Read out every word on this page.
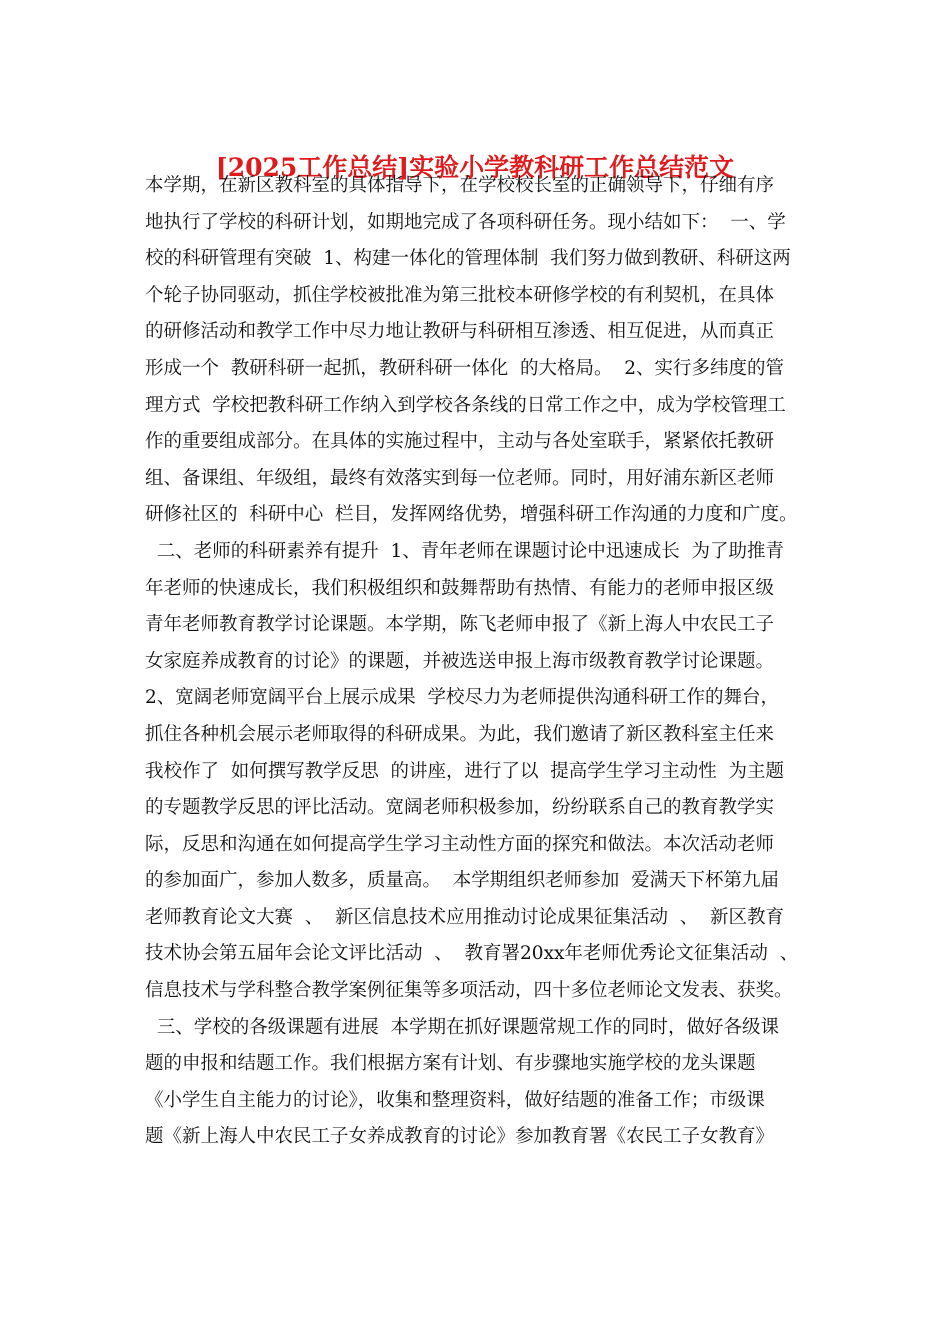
[2025工作总结]实验小学教科研工作总结范文
本学期，在新区教科室的具体指导下，在学校校长室的正确领导下，仔细有序
地执行了学校的科研计划，如期地完成了各项科研任务。现小结如下：  一、学
校的科研管理有突破  1、构建一体化的管理体制  我们努力做到教研、科研这两
个轮子协同驱动，抓住学校被批准为第三批校本研修学校的有利契机，在具体
的研修活动和教学工作中尽力地让教研与科研相互渗透、相互促进，从而真正
形成一个  教研科研一起抓，教研科研一体化  的大格局。  2、实行多纬度的管
理方式  学校把教科研工作纳入到学校各条线的日常工作之中，成为学校管理工
作的重要组成部分。在具体的实施过程中，主动与各处室联手，紧紧依托教研
组、备课组、年级组，最终有效落实到每一位老师。同时，用好浦东新区老师
研修社区的  科研中心  栏目，发挥网络优势，增强科研工作沟通的力度和广度。
二、老师的科研素养有提升  1、青年老师在课题讨论中迅速成长  为了助推青
年老师的快速成长，我们积极组织和鼓舞帮助有热情、有能力的老师申报区级
青年老师教育教学讨论课题。本学期，陈飞老师申报了《新上海人中农民工子
女家庭养成教育的讨论》的课题，并被选送申报上海市级教育教学讨论课题。
2、宽阔老师宽阔平台上展示成果  学校尽力为老师提供沟通科研工作的舞台，
抓住各种机会展示老师取得的科研成果。为此，我们邀请了新区教科室主任来
我校作了  如何撰写教学反思  的讲座，进行了以  提高学生学习主动性  为主题
的专题教学反思的评比活动。宽阔老师积极参加，纷纷联系自己的教育教学实
际，反思和沟通在如何提高学生学习主动性方面的探究和做法。本次活动老师
的参加面广，参加人数多，质量高。  本学期组织老师参加  爱满天下杯第九届
老师教育论文大赛  、  新区信息技术应用推动讨论成果征集活动  、  新区教育
技术协会第五届年会论文评比活动  、  教育署20xx年老师优秀论文征集活动  、
信息技术与学科整合教学案例征集等多项活动，四十多位老师论文发表、获奖。
三、学校的各级课题有进展  本学期在抓好课题常规工作的同时，做好各级课
题的申报和结题工作。我们根据方案有计划、有步骤地实施学校的龙头课题
《小学生自主能力的讨论》，收集和整理资料，做好结题的准备工作；市级课
题《新上海人中农民工子女养成教育的讨论》参加教育署《农民工子女教育》
